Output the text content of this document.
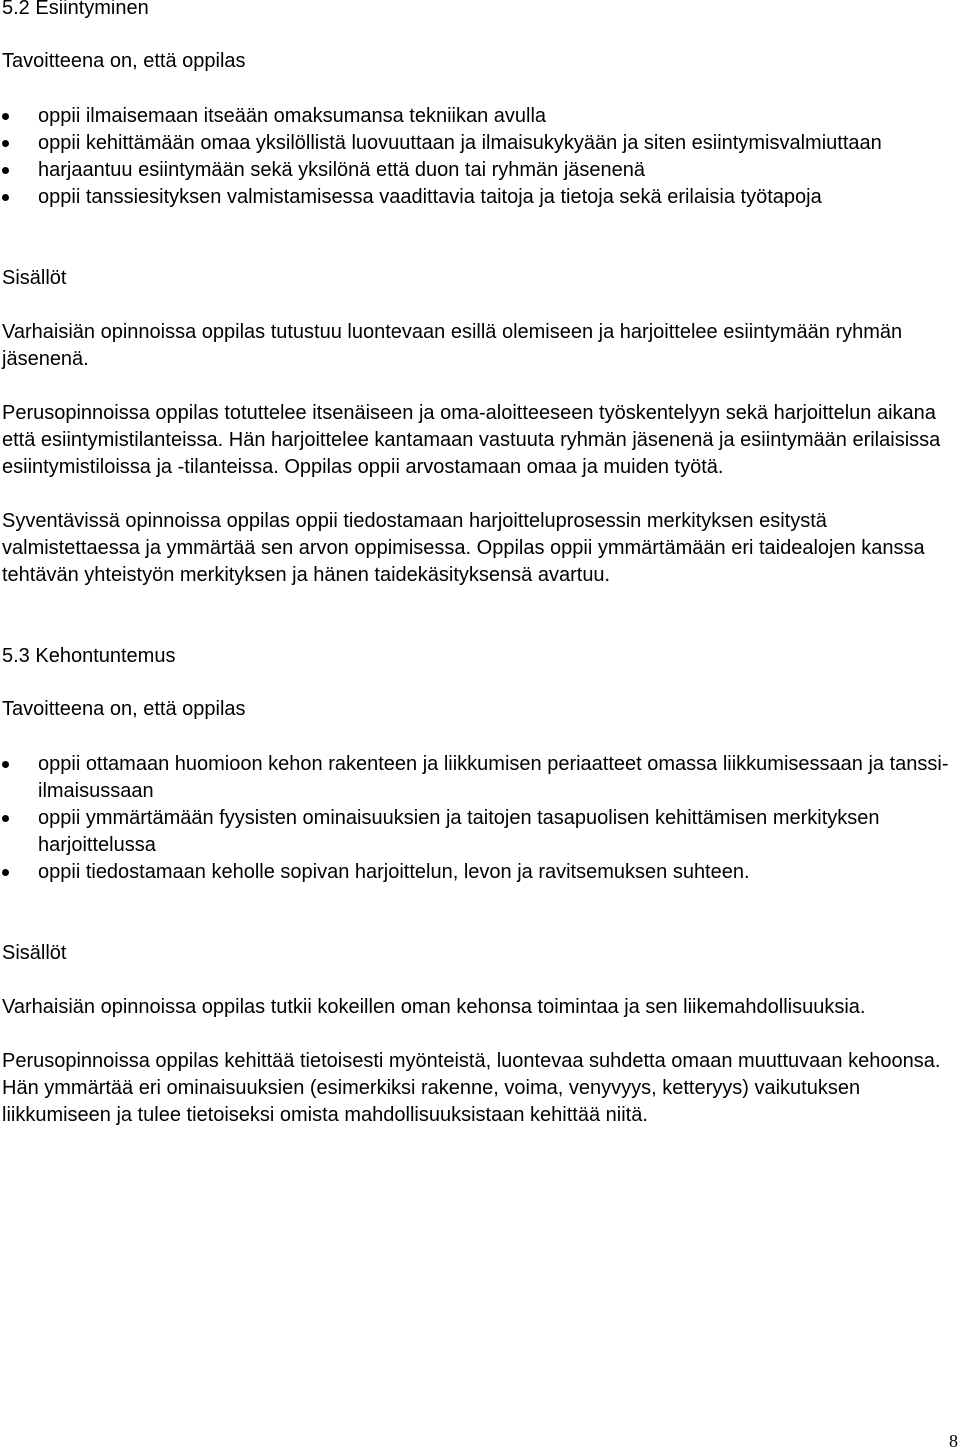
5.2 Esiintyminen

Tavoitteena on, että oppilas

oppii ilmaisemaan itseään omaksumansa tekniikan avulla
oppii kehittämään omaa yksilöllistä luovuuttaan ja ilmaisukykyään ja siten esiintymisvalmiuttaan
harjaantuu esiintymään sekä yksilönä että duon tai ryhmän jäsenenä
oppii tanssiesityksen valmistamisessa vaadittavia taitoja ja tietoja sekä erilaisia työtapoja

Sisällöt

Varhaisiän opinnoissa oppilas tutustuu luontevaan esillä olemiseen ja harjoittelee esiintymään ryhmän jäsenenä.

Perusopinnoissa oppilas totuttelee itsenäiseen ja oma-aloitteeseen työskentelyyn sekä harjoittelun aikana että esiintymistilanteissa. Hän harjoittelee kantamaan vastuuta ryhmän jäsenenä ja esiintymään erilaisissa esiintymistiloissa ja -tilanteissa. Oppilas oppii arvostamaan omaa ja muiden työtä.

Syventävissä opinnoissa oppilas oppii tiedostamaan harjoitteluprosessin merkityksen esitystä valmistettaessa ja ymmärtää sen arvon oppimisessa. Oppilas oppii ymmärtämään eri taidealojen kanssa tehtävän yhteistyön merkityksen ja hänen taidekäsityksensä avartuu.

5.3 Kehontuntemus

Tavoitteena on, että oppilas

oppii ottamaan huomioon kehon rakenteen ja liikkumisen periaatteet omassa liikkumisessaan ja tanssi-ilmaisussaan
oppii ymmärtämään fyysisten ominaisuuksien ja taitojen tasapuolisen kehittämisen merkityksen harjoittelussa
oppii tiedostamaan keholle sopivan harjoittelun, levon ja ravitsemuksen suhteen.

Sisällöt

Varhaisiän opinnoissa oppilas tutkii kokeillen oman kehonsa toimintaa ja sen liikemahdollisuuksia.

Perusopinnoissa oppilas kehittää tietoisesti myönteistä, luontevaa suhdetta omaan muuttuvaan kehoonsa. Hän ymmärtää eri ominaisuuksien (esimerkiksi rakenne, voima, venyvyys, ketteryys) vaikutuksen liikkumiseen ja tulee tietoiseksi omista mahdollisuuksistaan kehittää niitä.

8
